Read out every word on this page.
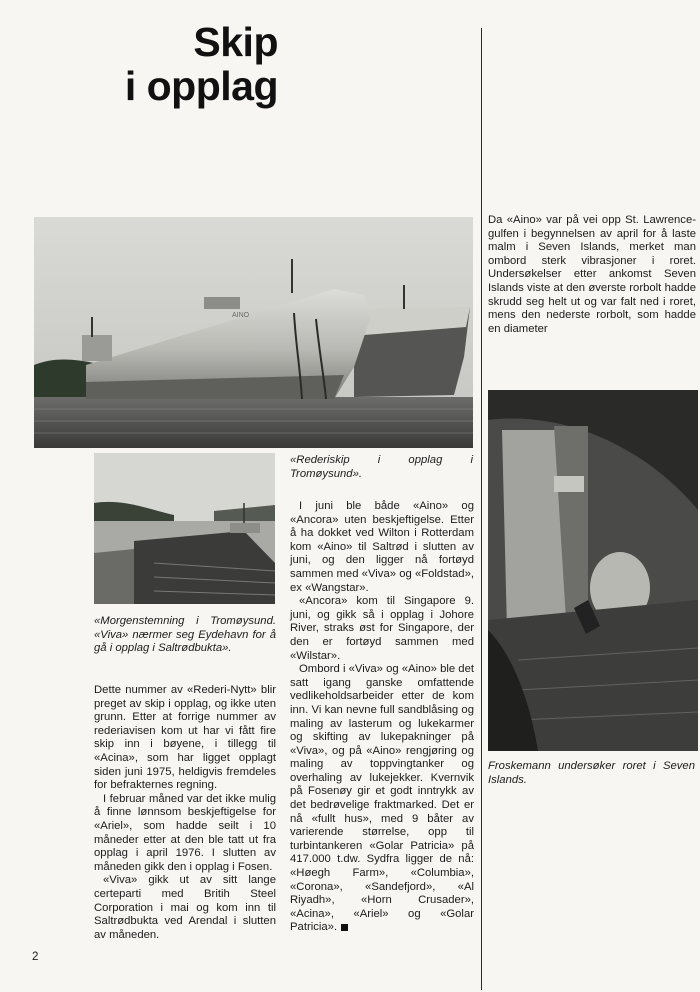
Skip
i opplag
AINO
«Rederiskip i opplag i Tromøysund».
«Morgenstemning i Tromøysund. «Viva» nærmer seg Eydehavn for å gå i opplag i Saltrødbukta».
Froskemann undersøker roret i Seven Islands.

Dette nummer av «Rederi-Nytt» blir preget av skip i opplag, og ikke uten grunn. Etter at forrige nummer av rederiavisen kom ut har vi fått fire skip inn i bøyene, i tillegg til «Acina», som har ligget opplagt siden juni 1975, heldigvis fremdeles for befrakternes regning.

I februar måned var det ikke mulig å finne lønnsom beskjeftigelse for «Ariel», som hadde seilt i 10 måneder etter at den ble tatt ut fra opplag i april 1976. I slutten av måneden gikk den i opplag i Fosen.

«Viva» gikk ut av sitt lange certeparti med Britih Steel Corporation i mai og kom inn til Saltrødbukta ved Arendal i slutten av måneden.

I juni ble både «Aino» og «Ancora» uten beskjeftigelse. Etter å ha dokket ved Wilton i Rotterdam kom «Aino» til Saltrød i slutten av juni, og den ligger nå fortøyd sammen med «Viva» og «Foldstad», ex «Wangstar».

«Ancora» kom til Singapore 9. juni, og gikk så i opplag i Johore River, straks øst for Singapore, der den er fortøyd sammen med «Wilstar».

Ombord i «Viva» og «Aino» ble det satt igang ganske omfattende vedlikeholdsarbeider etter de kom inn. Vi kan nevne full sandblåsing og maling av lasterum og lukekarmer og skifting av lukepakninger på «Viva», og på «Aino» rengjøring og maling av toppvingtanker og overhaling av lukejekker. Kvernvik på Fosenøy gir et godt inntrykk av det bedrøvelige fraktmarked. Det er nå «fullt hus», med 9 båter av varierende størrelse, opp til turbintankeren «Golar Patricia» på 417.000 t.dw. Sydfra ligger de nå: «Høegh Farm», «Columbia», «Corona», «Sandefjord», «Al Riyadh», «Horn Crusader», «Acina», «Ariel» og «Golar Patricia».

Da «Aino» var på vei opp St. Lawrence-gulfen i begynnelsen av april for å laste malm i Seven Islands, merket man ombord sterk vibrasjoner i roret. Undersøkelser etter ankomst Seven Islands viste at den øverste rorbolt hadde skrudd seg helt ut og var falt ned i roret, mens den nederste rorbolt, som hadde en diameter

2
